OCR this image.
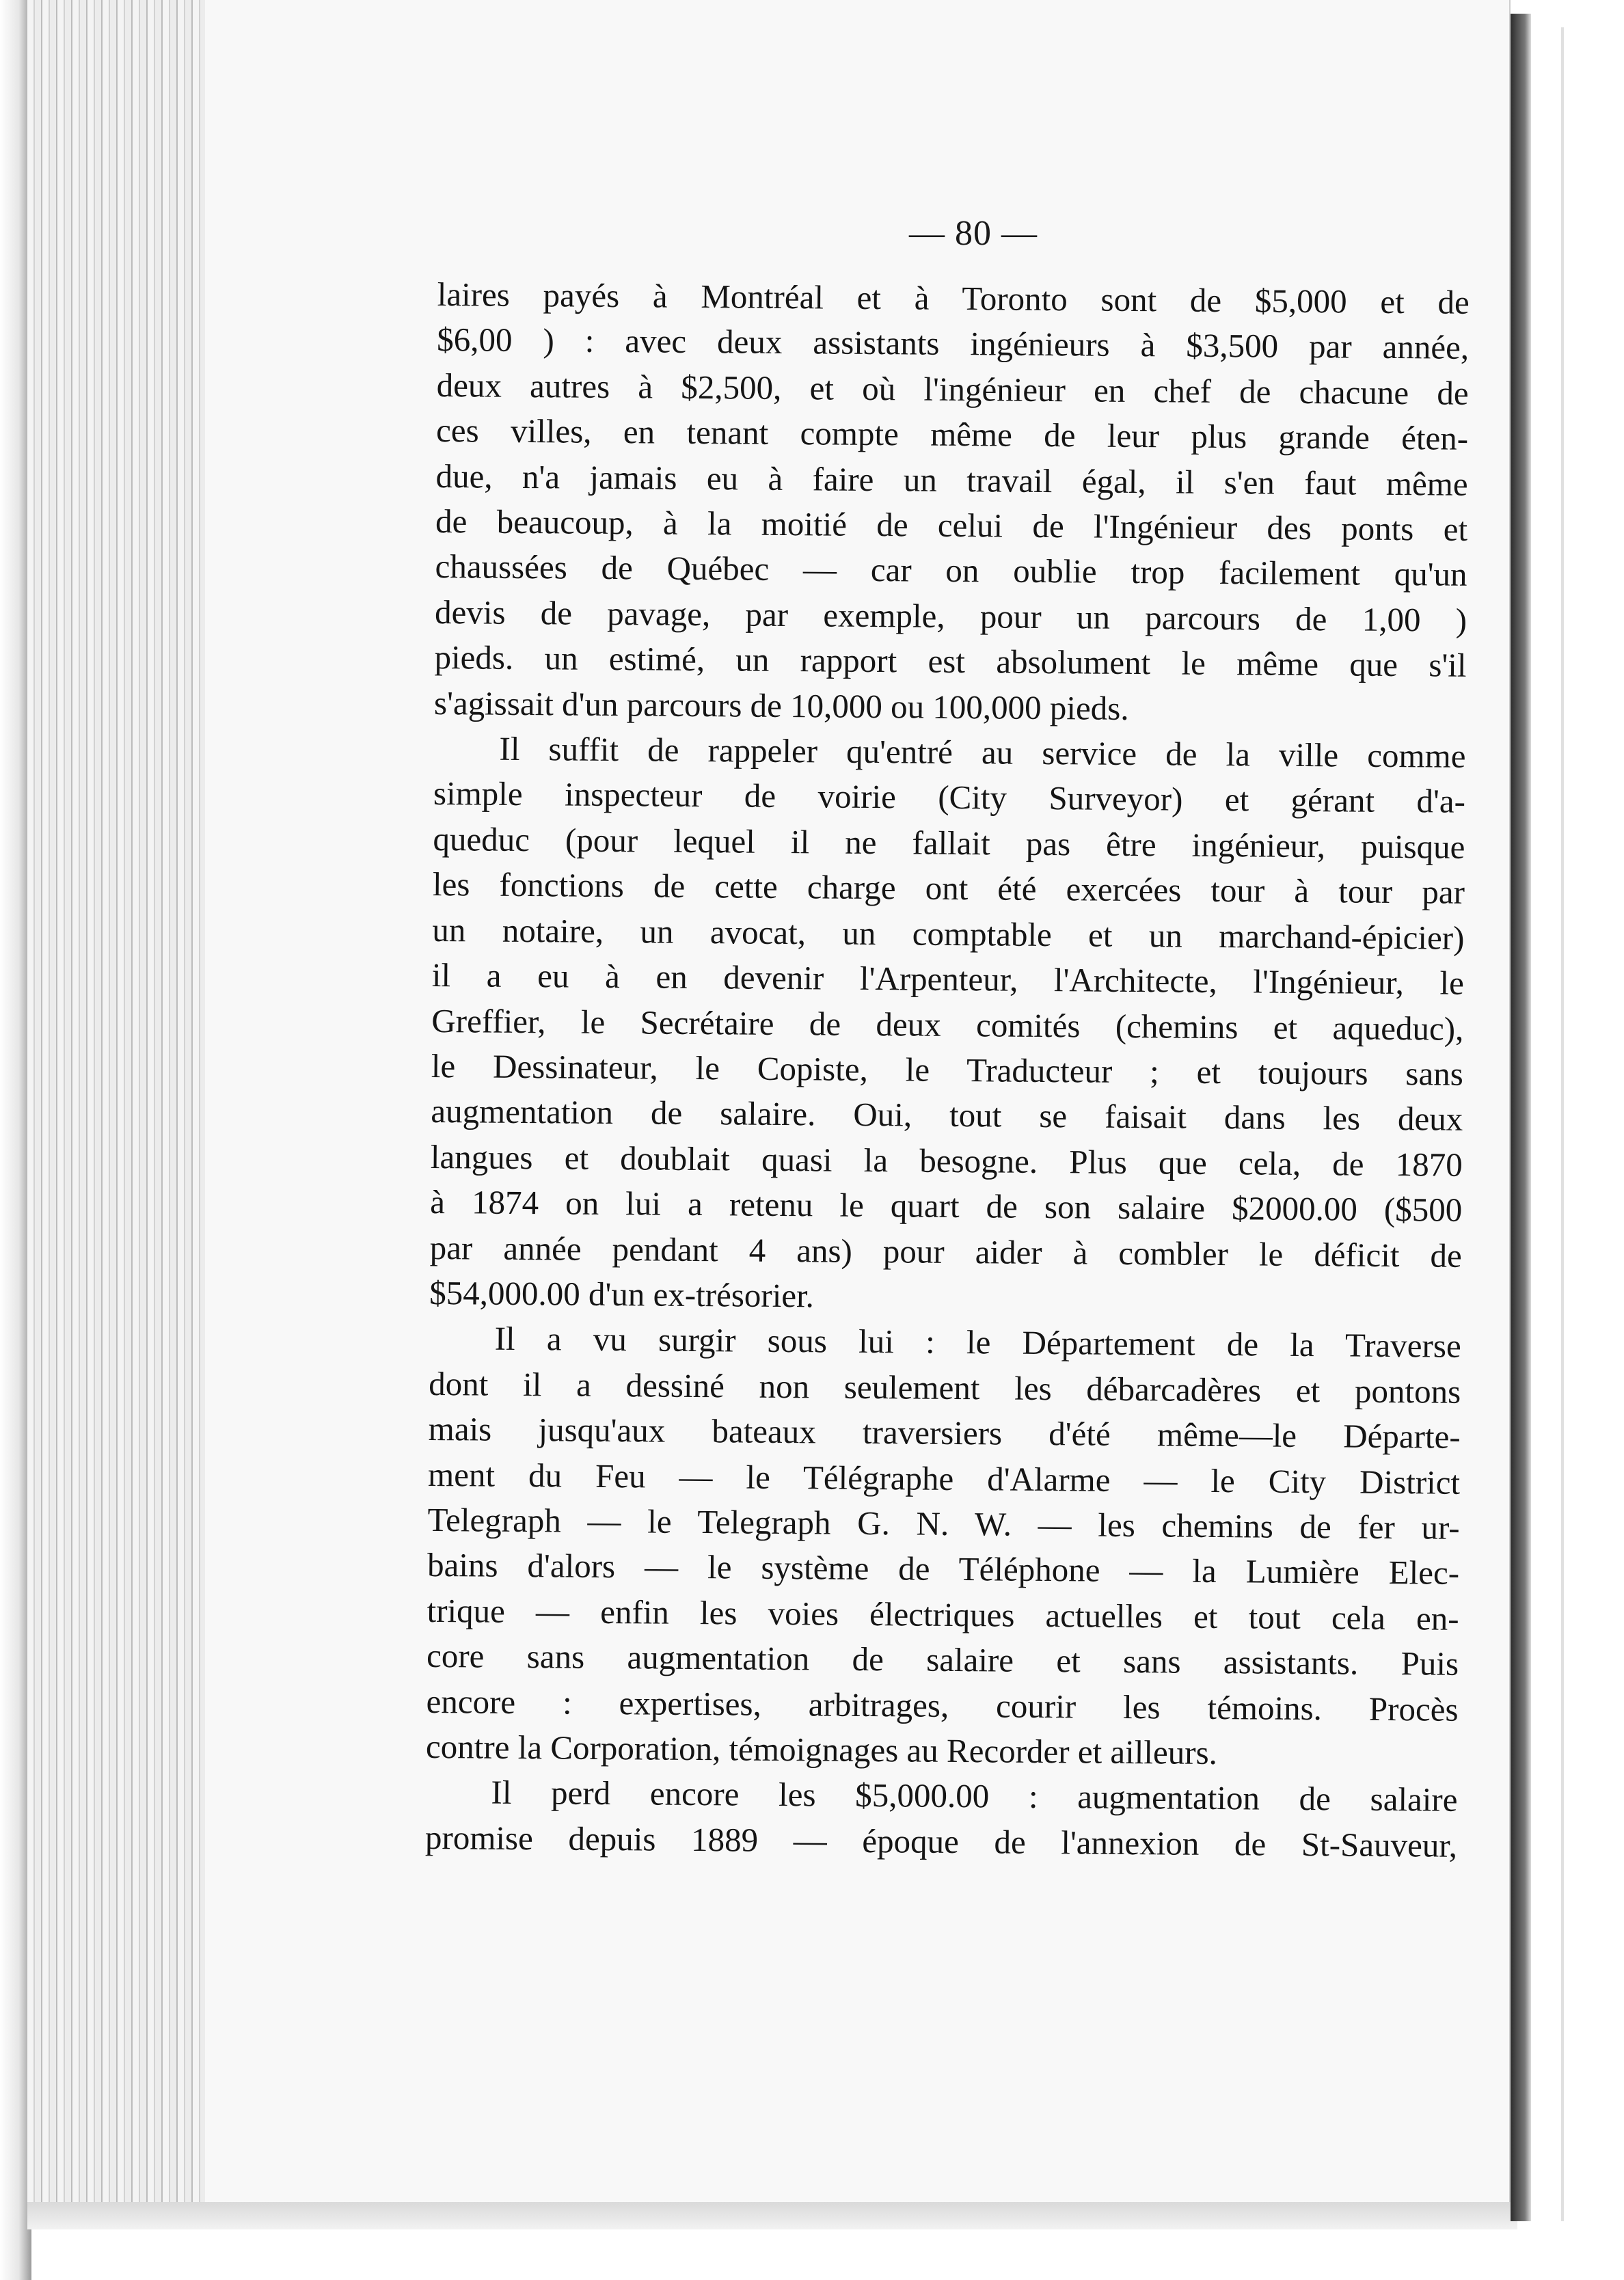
— 80 —
laires payés à Montréal et à Toronto sont de $5,000 et de
$6,00 ) : avec deux assistants ingénieurs à $3,500 par année,
deux autres à $2,500, et où l'ingénieur en chef de chacune de
ces villes, en tenant compte même de leur plus grande éten-
due, n'a jamais eu à faire un travail égal, il s'en faut même
de beaucoup, à la moitié de celui de l'Ingénieur des ponts et
chaussées de Québec — car on oublie trop facilement qu'un
devis de pavage, par exemple, pour un parcours de 1,00 )
pieds. un estimé, un rapport est absolument le même que s'il
s'agissait d'un parcours de 10,000 ou 100,000 pieds.
Il suffit de rappeler qu'entré au service de la ville comme
simple inspecteur de voirie (City Surveyor) et gérant d'a-
queduc (pour lequel il ne fallait pas être ingénieur, puisque
les fonctions de cette charge ont été exercées tour à tour par
un notaire, un avocat, un comptable et un marchand-épicier)
il a eu à en devenir l'Arpenteur, l'Architecte, l'Ingénieur, le
Greffier, le Secrétaire de deux comités (chemins et aqueduc),
le Dessinateur, le Copiste, le Traducteur ; et toujours sans
augmentation de salaire. Oui, tout se faisait dans les deux
langues et doublait quasi la besogne. Plus que cela, de 1870
à 1874 on lui a retenu le quart de son salaire $2000.00 ($500
par année pendant 4 ans) pour aider à combler le déficit de
$54,000.00 d'un ex-trésorier.
Il a vu surgir sous lui : le Département de la Traverse
dont il a dessiné non seulement les débarcadères et pontons
mais jusqu'aux bateaux traversiers d'été même—le Départe-
ment du Feu — le Télégraphe d'Alarme — le City District
Telegraph — le Telegraph G. N. W. — les chemins de fer ur-
bains d'alors — le système de Téléphone — la Lumière Elec-
trique — enfin les voies électriques actuelles et tout cela en-
core sans augmentation de salaire et sans assistants. Puis
encore : expertises, arbitrages, courir les témoins. Procès
contre la Corporation, témoignages au Recorder et ailleurs.
Il perd encore les $5,000.00 : augmentation de salaire
promise depuis 1889 — époque de l'annexion de St-Sauveur,
